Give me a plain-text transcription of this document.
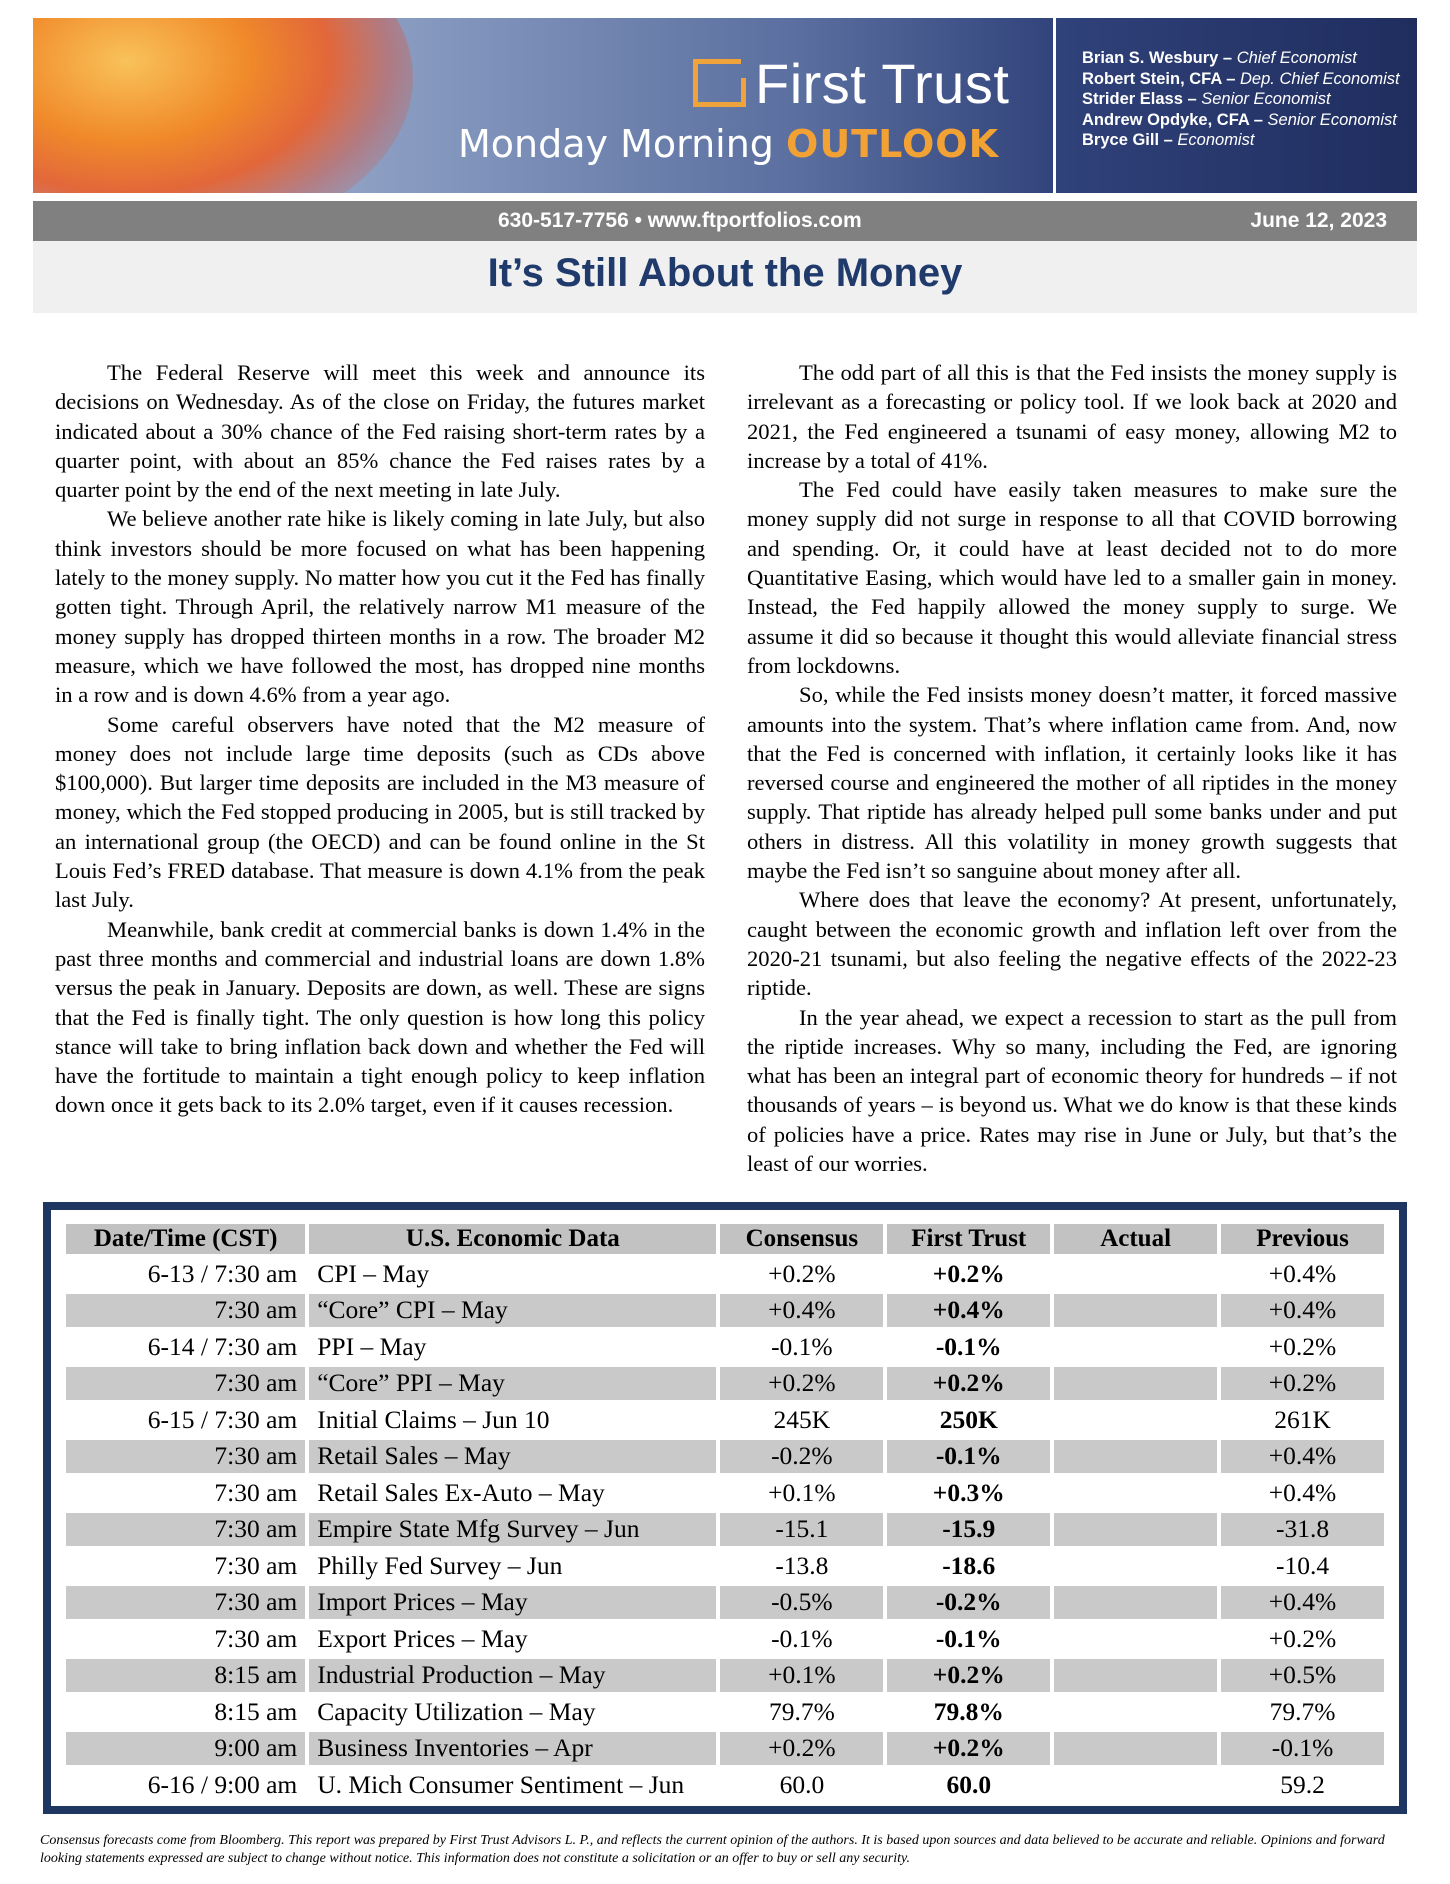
First Trust
Monday Morning OUTLOOK
Brian S. Wesbury – Chief Economist
Robert Stein, CFA – Dep. Chief Economist
Strider Elass – Senior Economist
Andrew Opdyke, CFA – Senior Economist
Bryce Gill – Economist
630-517-7756 • www.ftportfolios.com	June 12, 2023
It’s Still About the Money

The Federal Reserve will meet this week and announce its decisions on Wednesday. As of the close on Friday, the futures market indicated about a 30% chance of the Fed raising short-term rates by a quarter point, with about an 85% chance the Fed raises rates by a quarter point by the end of the next meeting in late July.

We believe another rate hike is likely coming in late July, but also think investors should be more focused on what has been happening lately to the money supply. No matter how you cut it the Fed has finally gotten tight. Through April, the relatively narrow M1 measure of the money supply has dropped thirteen months in a row. The broader M2 measure, which we have followed the most, has dropped nine months in a row and is down 4.6% from a year ago.

Some careful observers have noted that the M2 measure of money does not include large time deposits (such as CDs above $100,000). But larger time deposits are included in the M3 measure of money, which the Fed stopped producing in 2005, but is still tracked by an international group (the OECD) and can be found online in the St Louis Fed’s FRED database. That measure is down 4.1% from the peak last July.

Meanwhile, bank credit at commercial banks is down 1.4% in the past three months and commercial and industrial loans are down 1.8% versus the peak in January. Deposits are down, as well. These are signs that the Fed is finally tight. The only question is how long this policy stance will take to bring inflation back down and whether the Fed will have the fortitude to maintain a tight enough policy to keep inflation down once it gets back to its 2.0% target, even if it causes recession.

The odd part of all this is that the Fed insists the money supply is irrelevant as a forecasting or policy tool. If we look back at 2020 and 2021, the Fed engineered a tsunami of easy money, allowing M2 to increase by a total of 41%.

The Fed could have easily taken measures to make sure the money supply did not surge in response to all that COVID borrowing and spending. Or, it could have at least decided not to do more Quantitative Easing, which would have led to a smaller gain in money. Instead, the Fed happily allowed the money supply to surge. We assume it did so because it thought this would alleviate financial stress from lockdowns.

So, while the Fed insists money doesn’t matter, it forced massive amounts into the system. That’s where inflation came from. And, now that the Fed is concerned with inflation, it certainly looks like it has reversed course and engineered the mother of all riptides in the money supply. That riptide has already helped pull some banks under and put others in distress. All this volatility in money growth suggests that maybe the Fed isn’t so sanguine about money after all.

Where does that leave the economy? At present, unfortunately, caught between the economic growth and inflation left over from the 2020-21 tsunami, but also feeling the negative effects of the 2022-23 riptide.

In the year ahead, we expect a recession to start as the pull from the riptide increases. Why so many, including the Fed, are ignoring what has been an integral part of economic theory for hundreds – if not thousands of years – is beyond us. What we do know is that these kinds of policies have a price. Rates may rise in June or July, but that’s the least of our worries.

Date/Time (CST)	U.S. Economic Data	Consensus	First Trust	Actual	Previous
6-13 / 7:30 am	CPI – May	+0.2%	+0.2%		+0.4%
7:30 am	“Core” CPI – May	+0.4%	+0.4%		+0.4%
6-14 / 7:30 am	PPI – May	-0.1%	-0.1%		+0.2%
7:30 am	“Core” PPI – May	+0.2%	+0.2%		+0.2%
6-15 / 7:30 am	Initial Claims – Jun 10	245K	250K		261K
7:30 am	Retail Sales – May	-0.2%	-0.1%		+0.4%
7:30 am	Retail Sales Ex-Auto – May	+0.1%	+0.3%		+0.4%
7:30 am	Empire State Mfg Survey – Jun	-15.1	-15.9		-31.8
7:30 am	Philly Fed Survey – Jun	-13.8	-18.6		-10.4
7:30 am	Import Prices – May	-0.5%	-0.2%		+0.4%
7:30 am	Export Prices – May	-0.1%	-0.1%		+0.2%
8:15 am	Industrial Production – May	+0.1%	+0.2%		+0.5%
8:15 am	Capacity Utilization – May	79.7%	79.8%		79.7%
9:00 am	Business Inventories – Apr	+0.2%	+0.2%		-0.1%
6-16 / 9:00 am	U. Mich Consumer Sentiment – Jun	60.0	60.0		59.2
Consensus forecasts come from Bloomberg. This report was prepared by First Trust Advisors L. P., and reflects the current opinion of the authors. It is based upon sources and data believed to be accurate and reliable. Opinions and forward looking statements expressed are subject to change without notice. This information does not constitute a solicitation or an offer to buy or sell any security.
